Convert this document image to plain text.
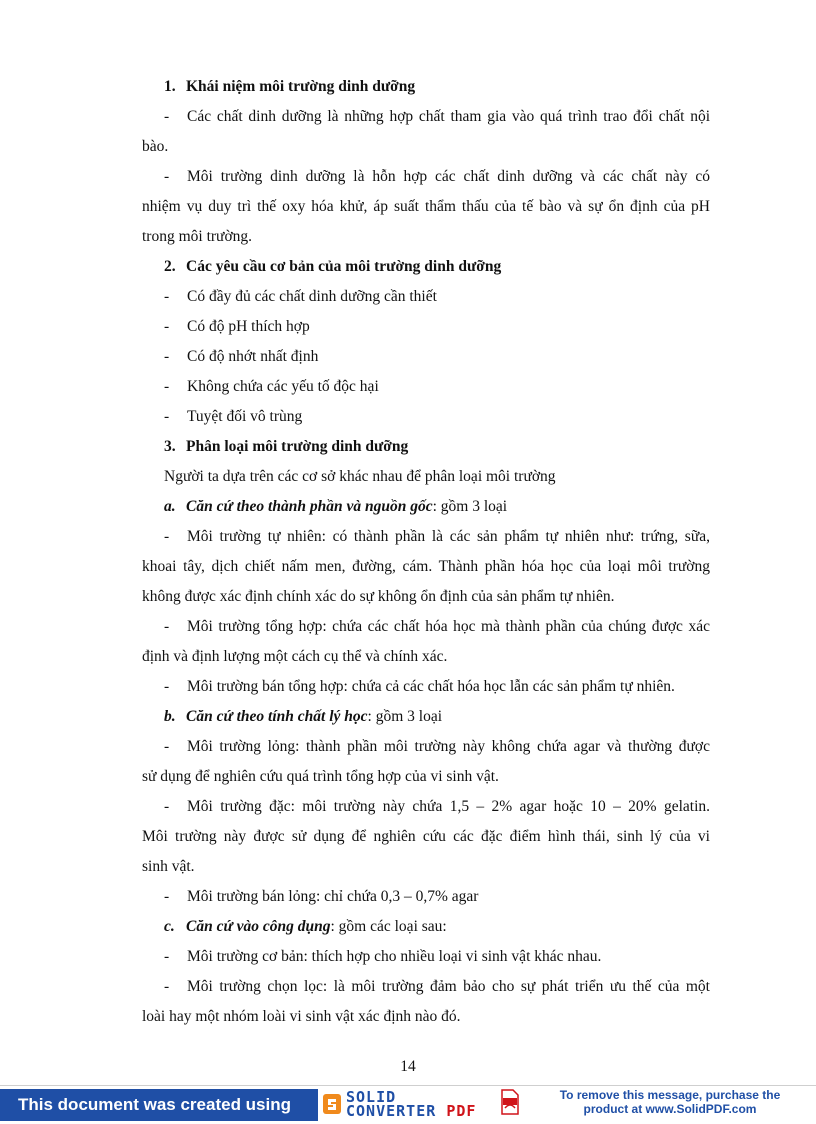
1. Khái niệm môi trường dinh dưỡng
- Các chất dinh dưỡng là những hợp chất tham gia vào quá trình trao đổi chất nội
bào.
- Môi trường dinh dưỡng là hỗn hợp các chất dinh dưỡng và các chất này có
nhiệm vụ duy trì thế oxy hóa khử, áp suất thẩm thấu của tế bào và sự ổn định của pH
trong môi trường.
2. Các yêu cầu cơ bản của môi trường dinh dưỡng
- Có đầy đủ các chất dinh dưỡng cần thiết
- Có độ pH thích hợp
- Có độ nhớt nhất định
- Không chứa các yếu tố độc hại
- Tuyệt đối vô trùng
3. Phân loại môi trường dinh dưỡng
Người ta dựa trên các cơ sở khác nhau để phân loại môi trường
a. Căn cứ theo thành phần và nguồn gốc: gồm 3 loại
- Môi trường tự nhiên: có thành phần là các sản phẩm tự nhiên như: trứng, sữa,
khoai tây, dịch chiết nấm men, đường, cám. Thành phần hóa học của loại môi trường
không được xác định chính xác do sự không ổn định của sản phẩm tự nhiên.
- Môi trường tổng hợp: chứa các chất hóa học mà thành phần của chúng được xác
định và định lượng một cách cụ thể và chính xác.
- Môi trường bán tổng hợp: chứa cả các chất hóa học lẫn các sản phẩm tự nhiên.
b. Căn cứ theo tính chất lý học: gồm 3 loại
- Môi trường lỏng: thành phần môi trường này không chứa agar và thường được
sử dụng để nghiên cứu quá trình tổng hợp của vi sinh vật.
- Môi trường đặc: môi trường này chứa 1,5 – 2% agar hoặc 10 – 20% gelatin.
Môi trường này được sử dụng để nghiên cứu các đặc điểm hình thái, sinh lý của vi
sinh vật.
- Môi trường bán lỏng: chỉ chứa 0,3 – 0,7% agar
c. Căn cứ vào công dụng: gồm các loại sau:
- Môi trường cơ bản: thích hợp cho nhiều loại vi sinh vật khác nhau.
- Môi trường chọn lọc: là môi trường đảm bảo cho sự phát triển ưu thế của một
loài hay một nhóm loài vi sinh vật xác định nào đó.
14
This document was created using	SOLID
CONVERTER PDF
To remove this message, purchase the
product at www.SolidPDF.com
